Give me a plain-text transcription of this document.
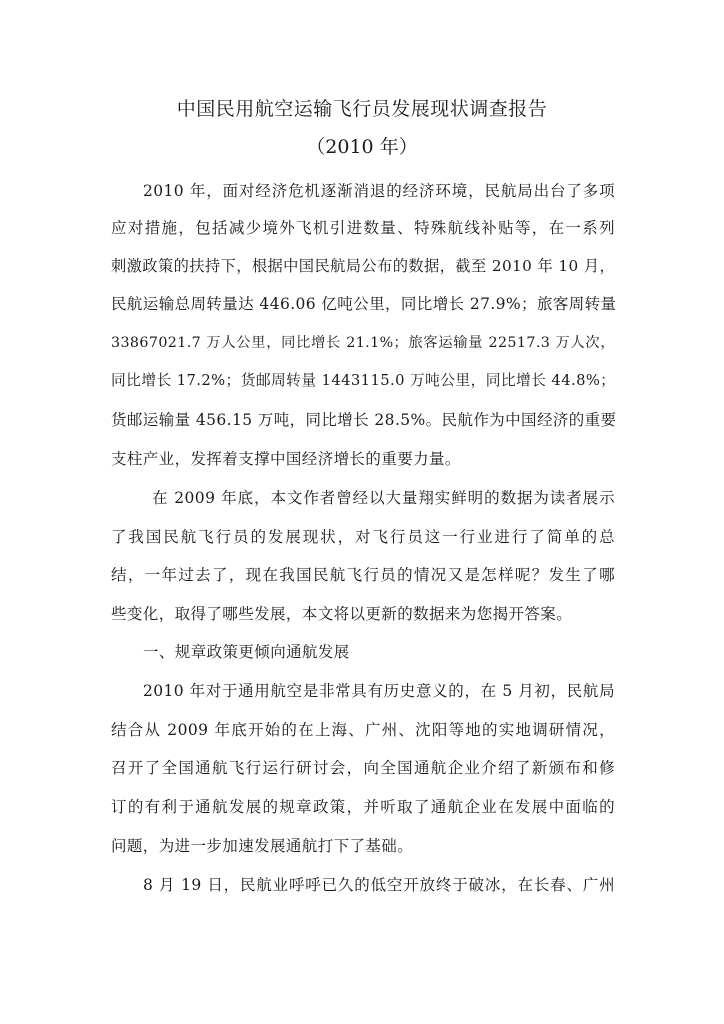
中国民用航空运输飞行员发展现状调查报告
（2010 年）
2010 年，面对经济危机逐渐消退的经济环境，民航局出台了多项
应对措施，包括减少境外飞机引进数量、特殊航线补贴等，在一系列
刺激政策的扶持下，根据中国民航局公布的数据，截至 2010 年 10 月，
民航运输总周转量达 446.06 亿吨公里，同比增长 27.9%；旅客周转量
33867021.7 万人公里，同比增长 21.1%；旅客运输量 22517.3 万人次，
同比增长 17.2%；货邮周转量 1443115.0 万吨公里，同比增长 44.8%；
货邮运输量 456.15 万吨，同比增长 28.5%。民航作为中国经济的重要
支柱产业，发挥着支撑中国经济增长的重要力量。
在 2009 年底，本文作者曾经以大量翔实鲜明的数据为读者展示
了我国民航飞行员的发展现状，对飞行员这一行业进行了简单的总
结，一年过去了，现在我国民航飞行员的情况又是怎样呢？发生了哪
些变化，取得了哪些发展，本文将以更新的数据来为您揭开答案。
一、规章政策更倾向通航发展
2010 年对于通用航空是非常具有历史意义的，在 5 月初，民航局
结合从 2009 年底开始的在上海、广州、沈阳等地的实地调研情况，
召开了全国通航飞行运行研讨会，向全国通航企业介绍了新颁布和修
订的有利于通航发展的规章政策，并听取了通航企业在发展中面临的
问题，为进一步加速发展通航打下了基础。
8 月 19 日，民航业呼呼已久的低空开放终于破冰，在长春、广州
